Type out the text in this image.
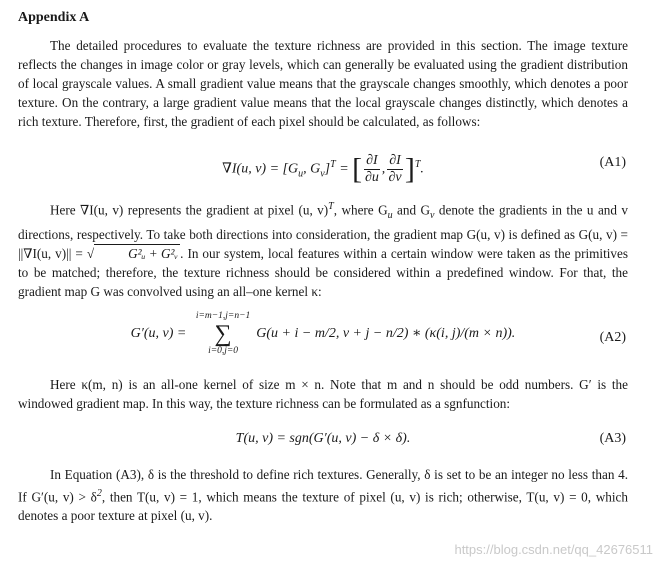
Appendix A

The detailed procedures to evaluate the texture richness are provided in this section. The image texture reflects the changes in image color or gray levels, which can generally be evaluated using the gradient distribution of local grayscale values. A small gradient value means that the grayscale changes smoothly, which denotes a poor texture. On the contrary, a large gradient value means that the local grayscale changes distinctly, which denotes a rich texture. Therefore, first, the gradient of each pixel should be calculated, as follows:

∇I(u, $v) = [G_u$, $G_v]^T$ = [ $\frac{\partial I}{\partial u}$ , $\frac{\partial I}{\partial v} ]^T$.	(A1)

Here ∇I(u, v) represents the gradient at pixel (u, v)$^T$, where $G_u$ and $G_v$ denote the gradients in the u and v directions, respectively. To take both directions into consideration, the gradient map G(u, v) is defined as G(u, v) = ||∇I(u, v)|| = √	G²ᵤ + G²ᵥ . In our system, local features within a certain window were taken as the primitives to be matched; therefore, the texture richness should be considered within a predefined window. For that, the gradient map G was convolved using an all–one kernel κ:

G′(u, v) =
i=m−1,j=n−1
∑
i=0,j=0
G(u + i − m/2, v + j − n/2) ∗ (κ(i, j)/(m × n)).	(A2)

Here κ(m, n) is an all-one kernel of size m × n. Note that m and n should be odd numbers. G′ is the windowed gradient map. In this way, the texture richness can be formulated as a sgnfunction:

T(u, v) = sgn(G′(u, v) − δ × δ).	(A3)

In Equation (A3), δ is the threshold to define rich textures. Generally, δ is set to be an integer no less than 4. If G′(u, $v) > \delta^2$, then T(u, v) = 1, which means the texture of pixel (u, v) is rich; otherwise, T(u, v) = 0, which denotes a poor texture at pixel (u, v).

https://blog.csdn.net/qq_42676511
